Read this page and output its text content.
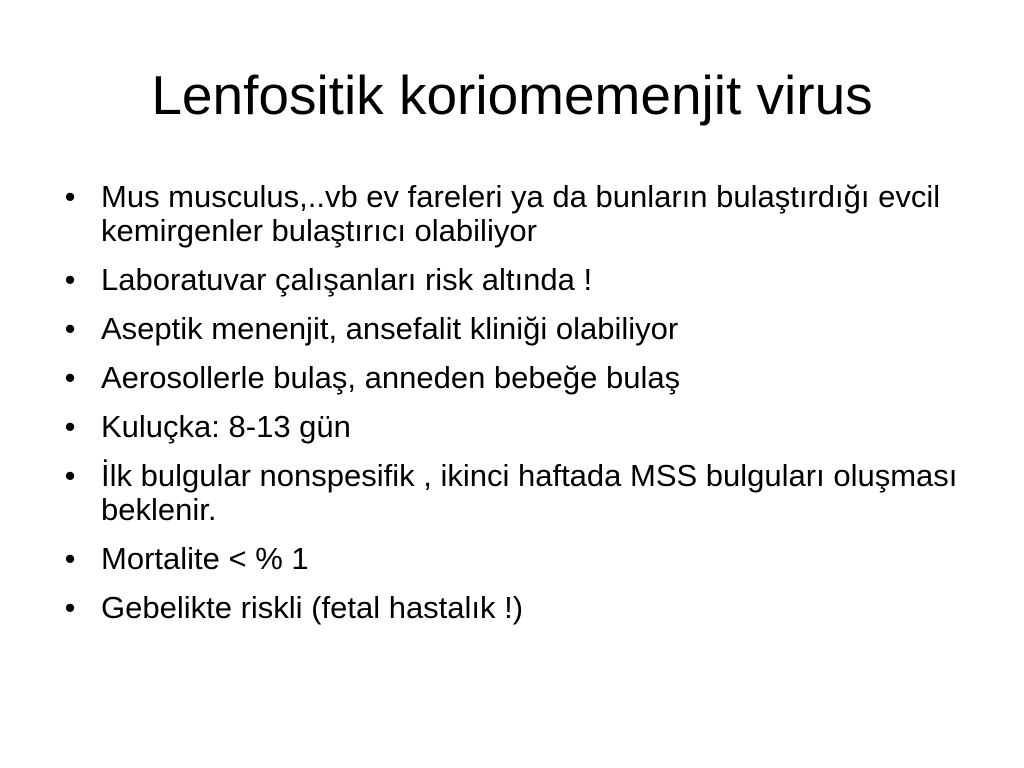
Lenfositik koriomemenjit virus
• Mus musculus,..vb ev fareleri ya da bunların bulaştırdığı evcil kemirgenler bulaştırıcı olabiliyor
• Laboratuvar çalışanları risk altında !
• Aseptik menenjit, ansefalit kliniği olabiliyor
• Aerosollerle bulaş, anneden bebeğe bulaş
• Kuluçka: 8-13 gün
• İlk bulgular nonspesifik , ikinci haftada MSS bulguları oluşması beklenir.
• Mortalite < % 1
• Gebelikte riskli (fetal hastalık !)
